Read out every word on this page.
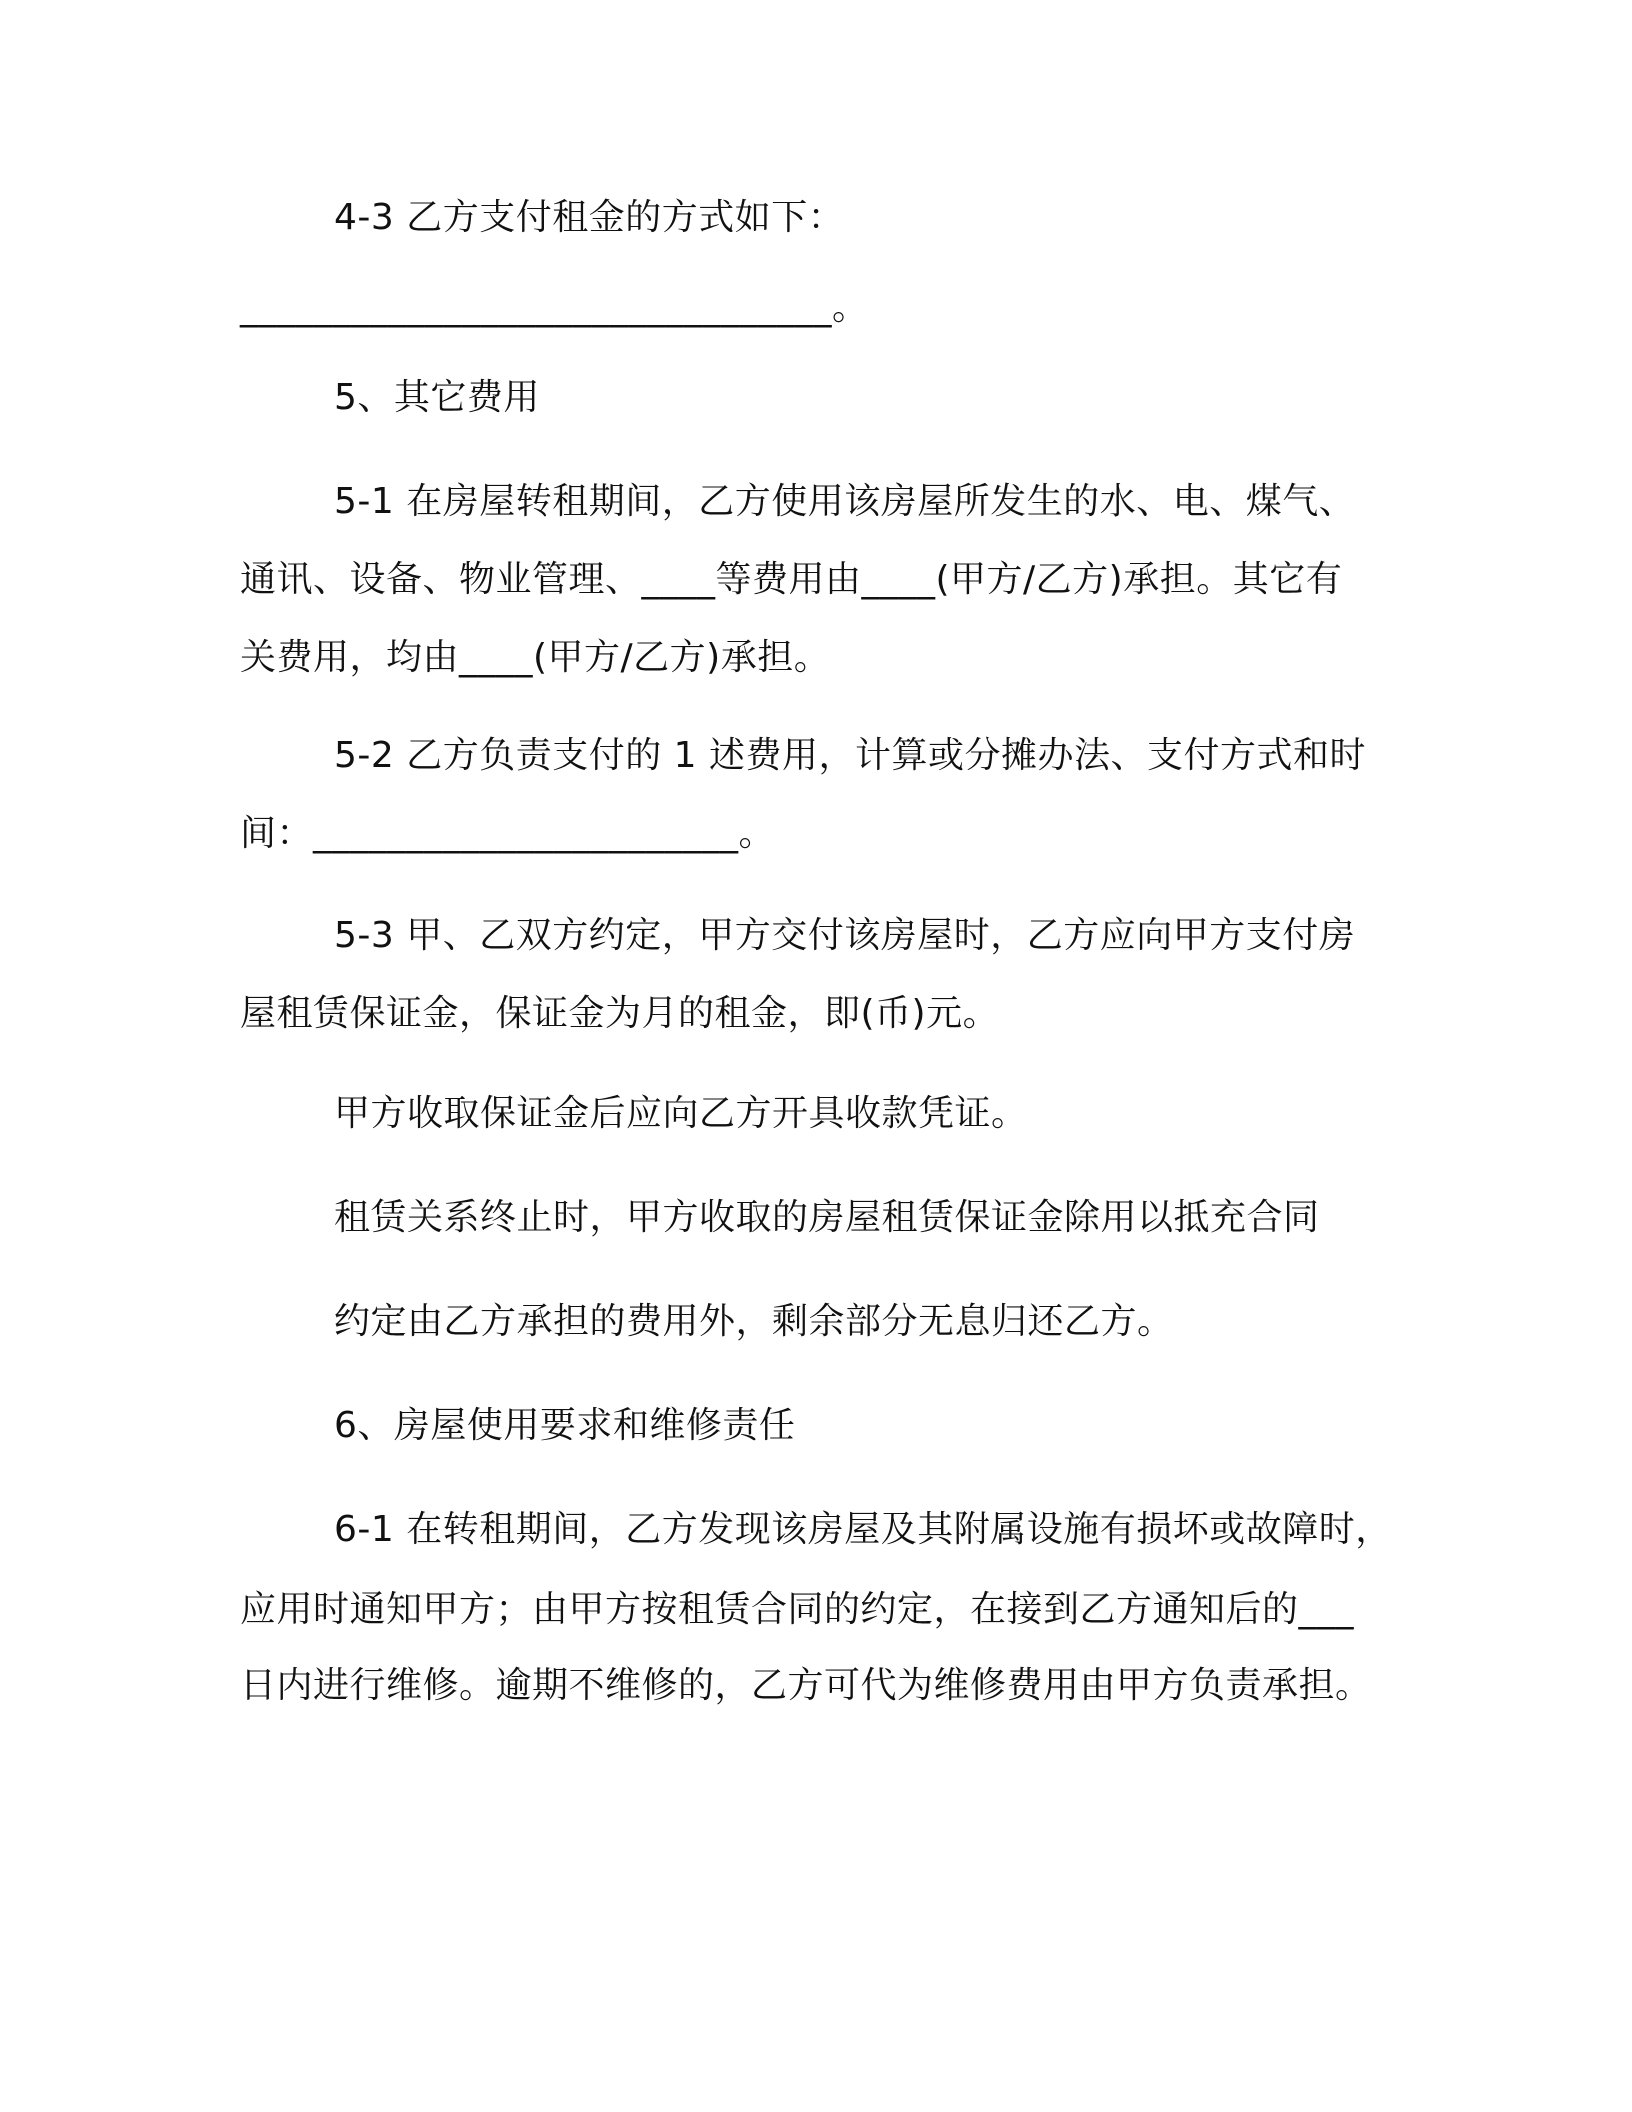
4-3 乙方支付租金的方式如下：
________________________________。
5、其它费用
5-1 在房屋转租期间，乙方使用该房屋所发生的水、电、煤气、
通讯、设备、物业管理、____等费用由____(甲方/乙方)承担。其它有
关费用，均由____(甲方/乙方)承担。
5-2 乙方负责支付的 1 述费用，计算或分摊办法、支付方式和时
间：_______________________。
5-3 甲、乙双方约定，甲方交付该房屋时，乙方应向甲方支付房
屋租赁保证金，保证金为月的租金，即(币)元。
甲方收取保证金后应向乙方开具收款凭证。
租赁关系终止时，甲方收取的房屋租赁保证金除用以抵充合同
约定由乙方承担的费用外，剩余部分无息归还乙方。
6、房屋使用要求和维修责任
6-1 在转租期间，乙方发现该房屋及其附属设施有损坏或故障时，
应用时通知甲方；由甲方按租赁合同的约定，在接到乙方通知后的___
日内进行维修。逾期不维修的，乙方可代为维修费用由甲方负责承担。
